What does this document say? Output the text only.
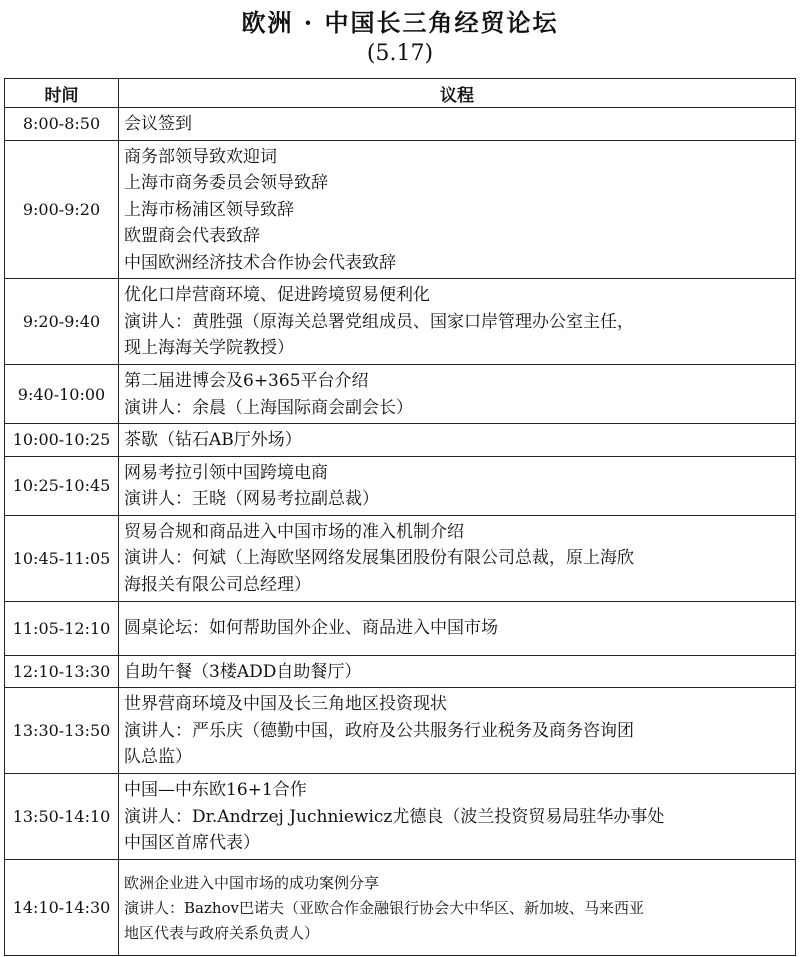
欧洲 · 中国长三角经贸论坛
(5.17)
时间	议程
8:00-8:50	会议签到

9:00-9:20	商务部领导致欢迎词
上海市商务委员会领导致辞
上海市杨浦区领导致辞
欧盟商会代表致辞
中国欧洲经济技术合作协会代表致辞

9:20-9:40	优化口岸营商环境、促进跨境贸易便利化
演讲人：黄胜强（原海关总署党组成员、国家口岸管理办公室主任，
现上海海关学院教授）

9:40-10:00	第二届进博会及6+365平台介绍
演讲人：余晨（上海国际商会副会长）

10:00-10:25	茶歇（钻石AB厅外场）

10:25-10:45	网易考拉引领中国跨境电商
演讲人：王晓（网易考拉副总裁）

10:45-11:05	贸易合规和商品进入中国市场的准入机制介绍
演讲人：何斌（上海欧坚网络发展集团股份有限公司总裁，原上海欣
海报关有限公司总经理）

11:05-12:10	圆桌论坛：如何帮助国外企业、商品进入中国市场

12:10-13:30	自助午餐（3楼ADD自助餐厅）

13:30-13:50	世界营商环境及中国及长三角地区投资现状
演讲人：严乐庆（德勤中国，政府及公共服务行业税务及商务咨询团
队总监）

13:50-14:10	中国—中东欧16+1合作
演讲人：Dr.Andrzej Juchniewicz尤德良（波兰投资贸易局驻华办事处
中国区首席代表）

14:10-14:30	欧洲企业进入中国市场的成功案例分享
演讲人：Bazhov巴诺夫（亚欧合作金融银行协会大中华区、新加坡、马来西亚
地区代表与政府关系负责人）
